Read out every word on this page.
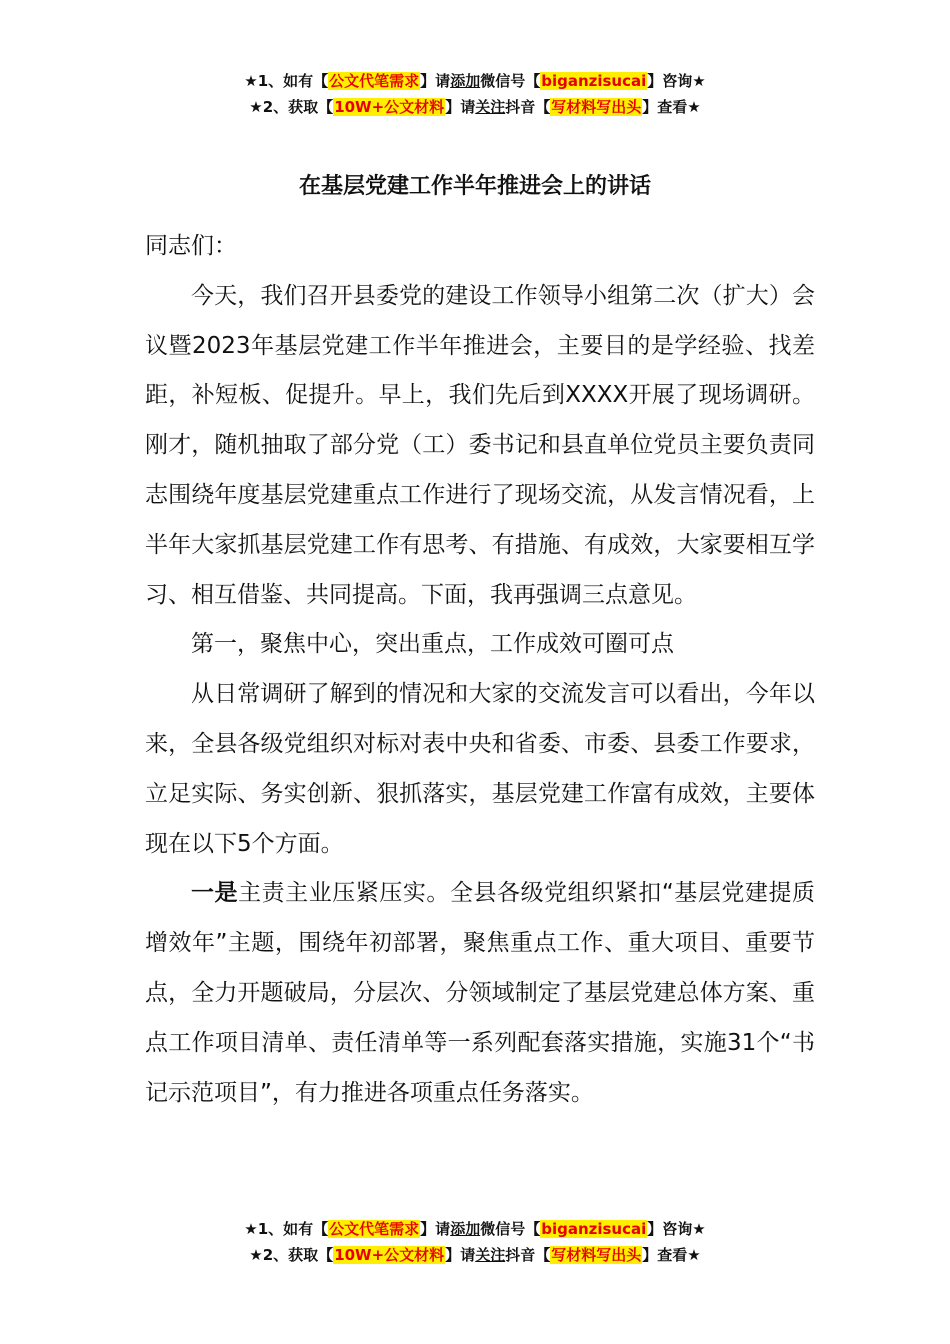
★1、如有【公文代笔需求】请添加微信号【biganzisucai】咨询★
★2、获取【10W+公文材料】请关注抖音【写材料写出头】查看★
在基层党建工作半年推进会上的讲话

同志们：

今天，我们召开县委党的建设工作领导小组第二次（扩大）会议暨2023年基层党建工作半年推进会，主要目的是学经验、找差距，补短板、促提升。早上，我们先后到XXXX开展了现场调研。刚才，随机抽取了部分党（工）委书记和县直单位党员主要负责同志围绕年度基层党建重点工作进行了现场交流，从发言情况看，上半年大家抓基层党建工作有思考、有措施、有成效，大家要相互学习、相互借鉴、共同提高。下面，我再强调三点意见。

第一，聚焦中心，突出重点，工作成效可圈可点

从日常调研了解到的情况和大家的交流发言可以看出，今年以来，全县各级党组织对标对表中央和省委、市委、县委工作要求，立足实际、务实创新、狠抓落实，基层党建工作富有成效，主要体现在以下5个方面。

一是主责主业压紧压实。全县各级党组织紧扣“基层党建提质增效年”主题，围绕年初部署，聚焦重点工作、重大项目、重要节点，全力开题破局，分层次、分领域制定了基层党建总体方案、重点工作项目清单、责任清单等一系列配套落实措施，实施31个“书记示范项目”，有力推进各项重点任务落实。

★1、如有【公文代笔需求】请添加微信号【biganzisucai】咨询★
★2、获取【10W+公文材料】请关注抖音【写材料写出头】查看★
